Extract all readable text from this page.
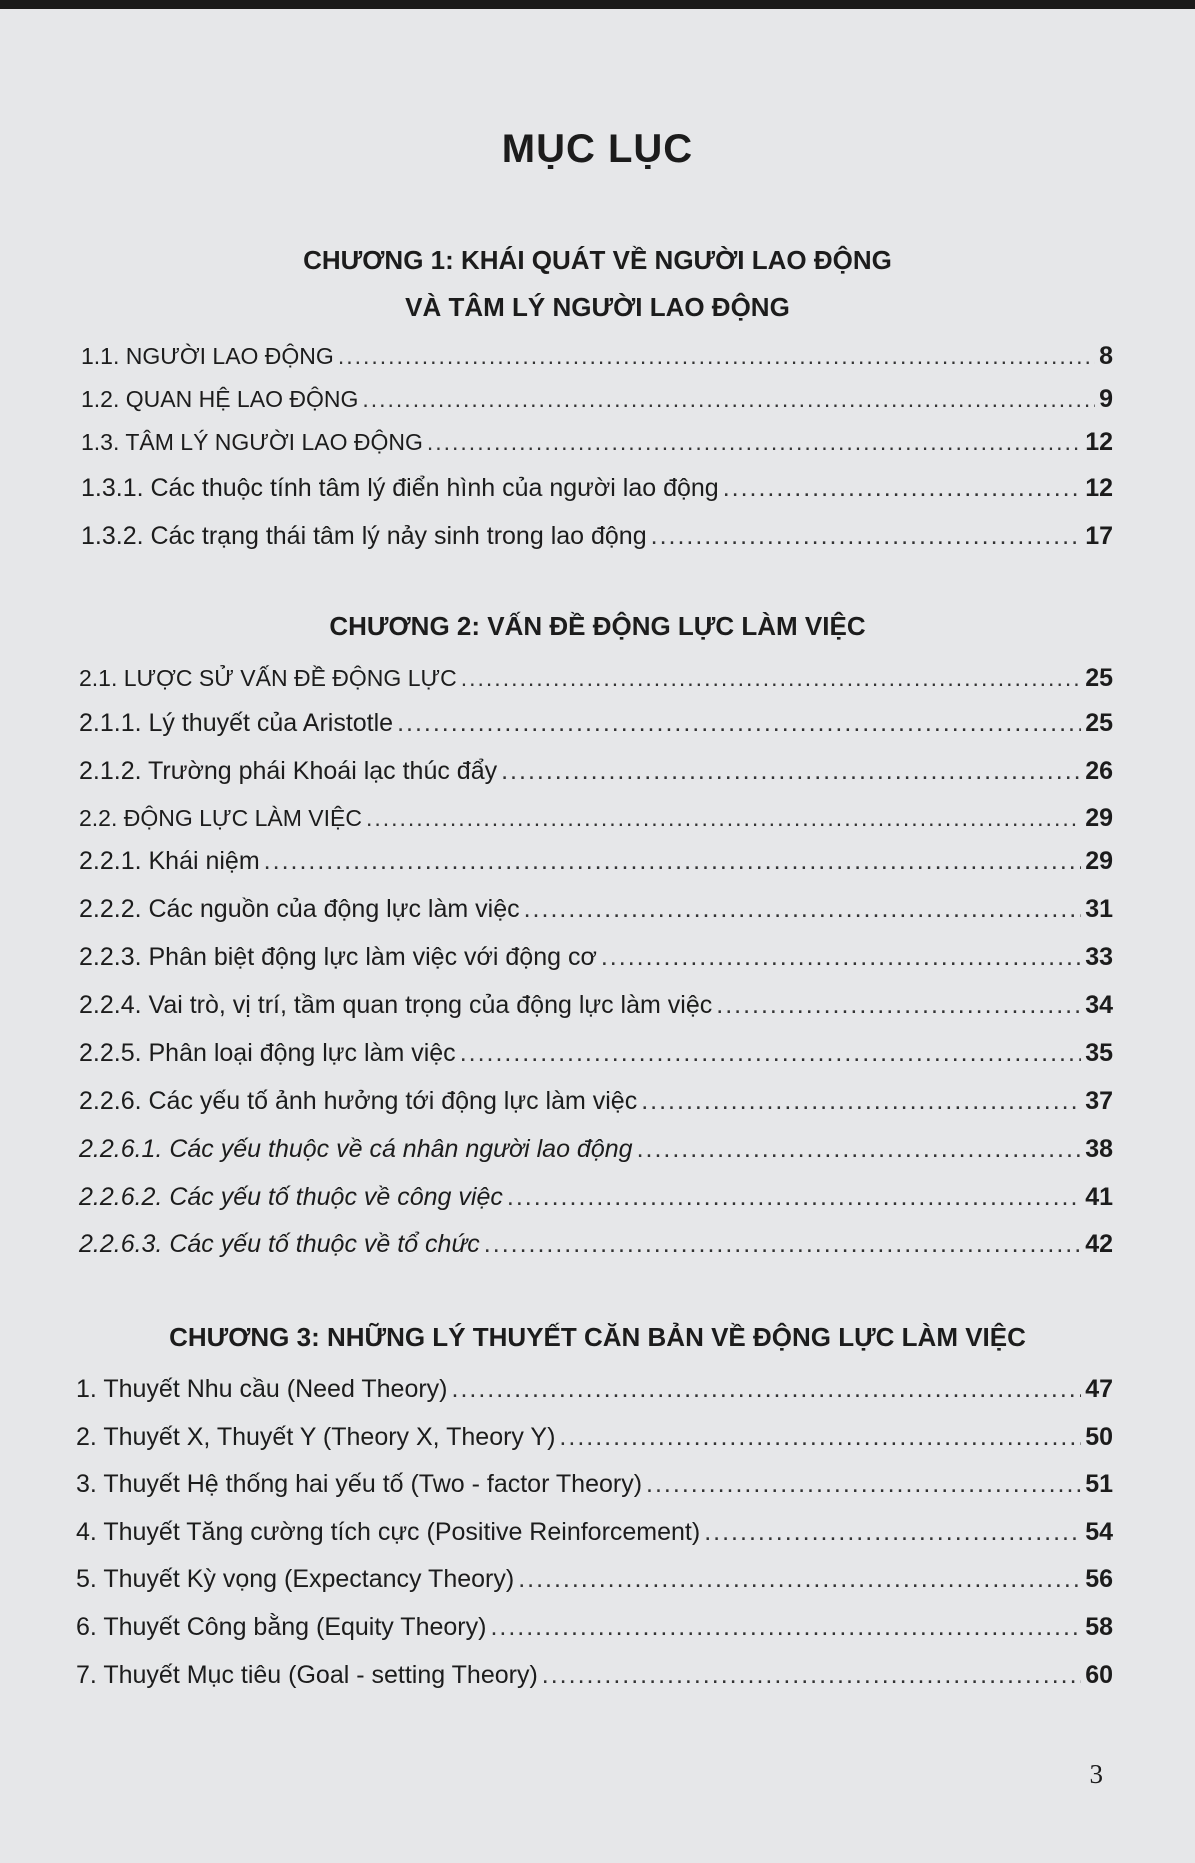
MỤC LỤC
CHƯƠNG 1: KHÁI QUÁT VỀ NGƯỜI LAO ĐỘNG
VÀ TÂM LÝ NGƯỜI LAO ĐỘNG
1.1. NGƯỜI LAO ĐỘNG .....	8
1.2. QUAN HỆ LAO ĐỘNG .....	9
1.3. TÂM LÝ NGƯỜI LAO ĐỘNG .....	12
1.3.1. Các thuộc tính tâm lý điển hình của người lao động .....	12
1.3.2. Các trạng thái tâm lý nảy sinh trong lao động .....	17
CHƯƠNG 2: VẤN ĐỀ ĐỘNG LỰC LÀM VIỆC
2.1. LƯỢC SỬ VẤN ĐỀ ĐỘNG LỰC .....	25
2.1.1. Lý thuyết của Aristotle .....	25
2.1.2. Trường phái Khoái lạc thúc đẩy .....	26
2.2. ĐỘNG LỰC LÀM VIỆC .....	29
2.2.1. Khái niệm .....	29
2.2.2. Các nguồn của động lực làm việc .....	31
2.2.3. Phân biệt động lực làm việc với động cơ .....	33
2.2.4. Vai trò, vị trí, tầm quan trọng của động lực làm việc .....	34
2.2.5. Phân loại động lực làm việc .....	35
2.2.6. Các yếu tố ảnh hưởng tới động lực làm việc .....	37
2.2.6.1. Các yếu thuộc về cá nhân người lao động .....	38
2.2.6.2. Các yếu tố thuộc về công việc .....	41
2.2.6.3. Các yếu tố thuộc về tổ chức .....	42
CHƯƠNG 3: NHỮNG LÝ THUYẾT CĂN BẢN VỀ ĐỘNG LỰC LÀM VIỆC
1. Thuyết Nhu cầu (Need Theory) .....	47
2. Thuyết X, Thuyết Y (Theory X, Theory Y) .....	50
3. Thuyết Hệ thống hai yếu tố (Two - factor Theory) .....	51
4. Thuyết Tăng cường tích cực (Positive Reinforcement) .....	54
5. Thuyết Kỳ vọng (Expectancy Theory) .....	56
6. Thuyết Công bằng (Equity Theory) .....	58
7. Thuyết Mục tiêu (Goal - setting Theory) .....	60
3
